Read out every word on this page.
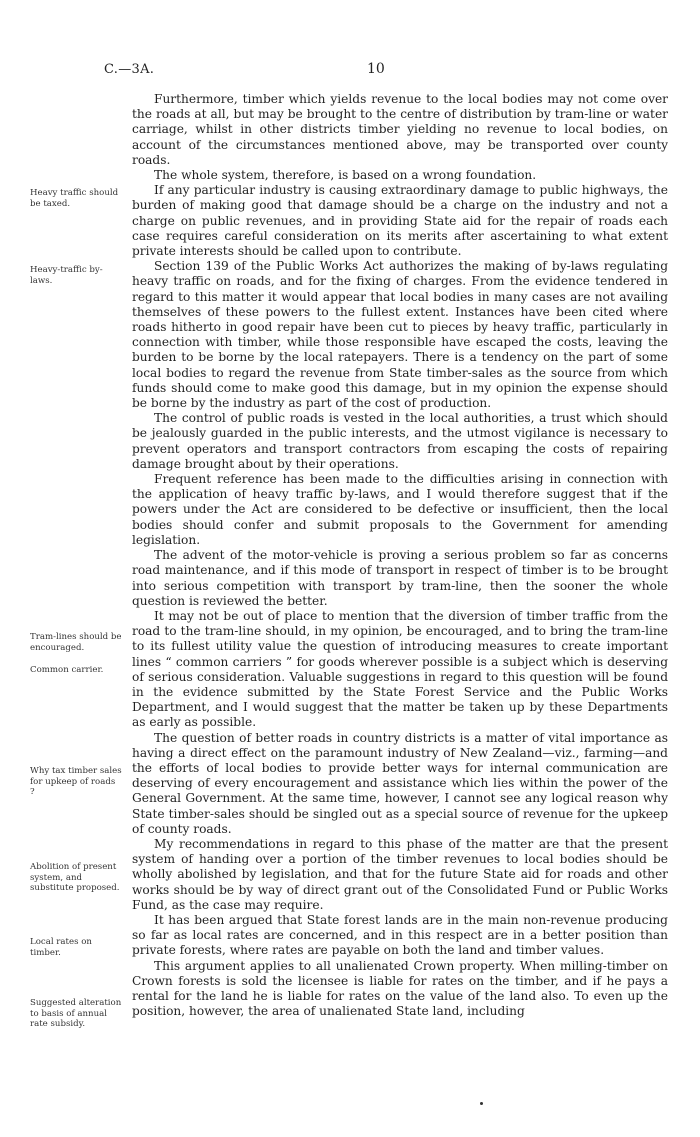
C.—3A.	10

Furthermore, timber which yields revenue to the local bodies may not come over the roads at all, but may be brought to the centre of distribution by tram-line or water carriage, whilst in other districts timber yielding no revenue to local bodies, on account of the circumstances mentioned above, may be transported over county roads.

The whole system, therefore, is based on a wrong foundation.

If any particular industry is causing extraordinary damage to public highways, the burden of making good that damage should be a charge on the industry and not a charge on public revenues, and in providing State aid for the repair of roads each case requires careful consideration on its merits after ascertaining to what extent private interests should be called upon to contribute.

Section 139 of the Public Works Act authorizes the making of by-laws regulating heavy traffic on roads, and for the fixing of charges. From the evidence tendered in regard to this matter it would appear that local bodies in many cases are not availing themselves of these powers to the fullest extent. Instances have been cited where roads hitherto in good repair have been cut to pieces by heavy traffic, particularly in connection with timber, while those responsible have escaped the costs, leaving the burden to be borne by the local ratepayers. There is a tendency on the part of some local bodies to regard the revenue from State timber-sales as the source from which funds should come to make good this damage, but in my opinion the expense should be borne by the industry as part of the cost of production.

The control of public roads is vested in the local authorities, a trust which should be jealously guarded in the public interests, and the utmost vigilance is necessary to prevent operators and transport contractors from escaping the costs of repairing damage brought about by their operations.

Frequent reference has been made to the difficulties arising in connection with the application of heavy traffic by-laws, and I would therefore suggest that if the powers under the Act are considered to be defective or insufficient, then the local bodies should confer and submit proposals to the Government for amending legislation.

The advent of the motor-vehicle is proving a serious problem so far as concerns road maintenance, and if this mode of transport in respect of timber is to be brought into serious competition with transport by tram-line, then the sooner the whole question is reviewed the better.

It may not be out of place to mention that the diversion of timber traffic from the road to the tram-line should, in my opinion, be encouraged, and to bring the tram-line to its fullest utility value the question of introducing measures to create important lines “ common carriers ” for goods wherever possible is a subject which is deserving of serious consideration. Valuable suggestions in regard to this question will be found in the evidence submitted by the State Forest Service and the Public Works Department, and I would suggest that the matter be taken up by these Departments as early as possible.

The question of better roads in country districts is a matter of vital importance as having a direct effect on the paramount industry of New Zealand—viz., farming—and the efforts of local bodies to provide better ways for internal communication are deserving of every encouragement and assistance which lies within the power of the General Government. At the same time, however, I cannot see any logical reason why State timber-sales should be singled out as a special source of revenue for the upkeep of county roads.

My recommendations in regard to this phase of the matter are that the present system of handing over a portion of the timber revenues to local bodies should be wholly abolished by legislation, and that for the future State aid for roads and other works should be by way of direct grant out of the Consolidated Fund or Public Works Fund, as the case may require.

It has been argued that State forest lands are in the main non-revenue producing so far as local rates are concerned, and in this respect are in a better position than private forests, where rates are payable on both the land and timber values.

This argument applies to all unalienated Crown property. When milling-timber on Crown forests is sold the licensee is liable for rates on the timber, and if he pays a rental for the land he is liable for rates on the value of the land also. To even up the position, however, the area of unalienated State land, including

Heavy traffic should be taxed.
Heavy-traffic by-laws.
Tram-lines should be encouraged.
Common carrier.
Why tax timber sales for upkeep of roads ?
Abolition of present system, and substitute proposed.
Local rates on timber.
Suggested alteration to basis of annual rate subsidy.
